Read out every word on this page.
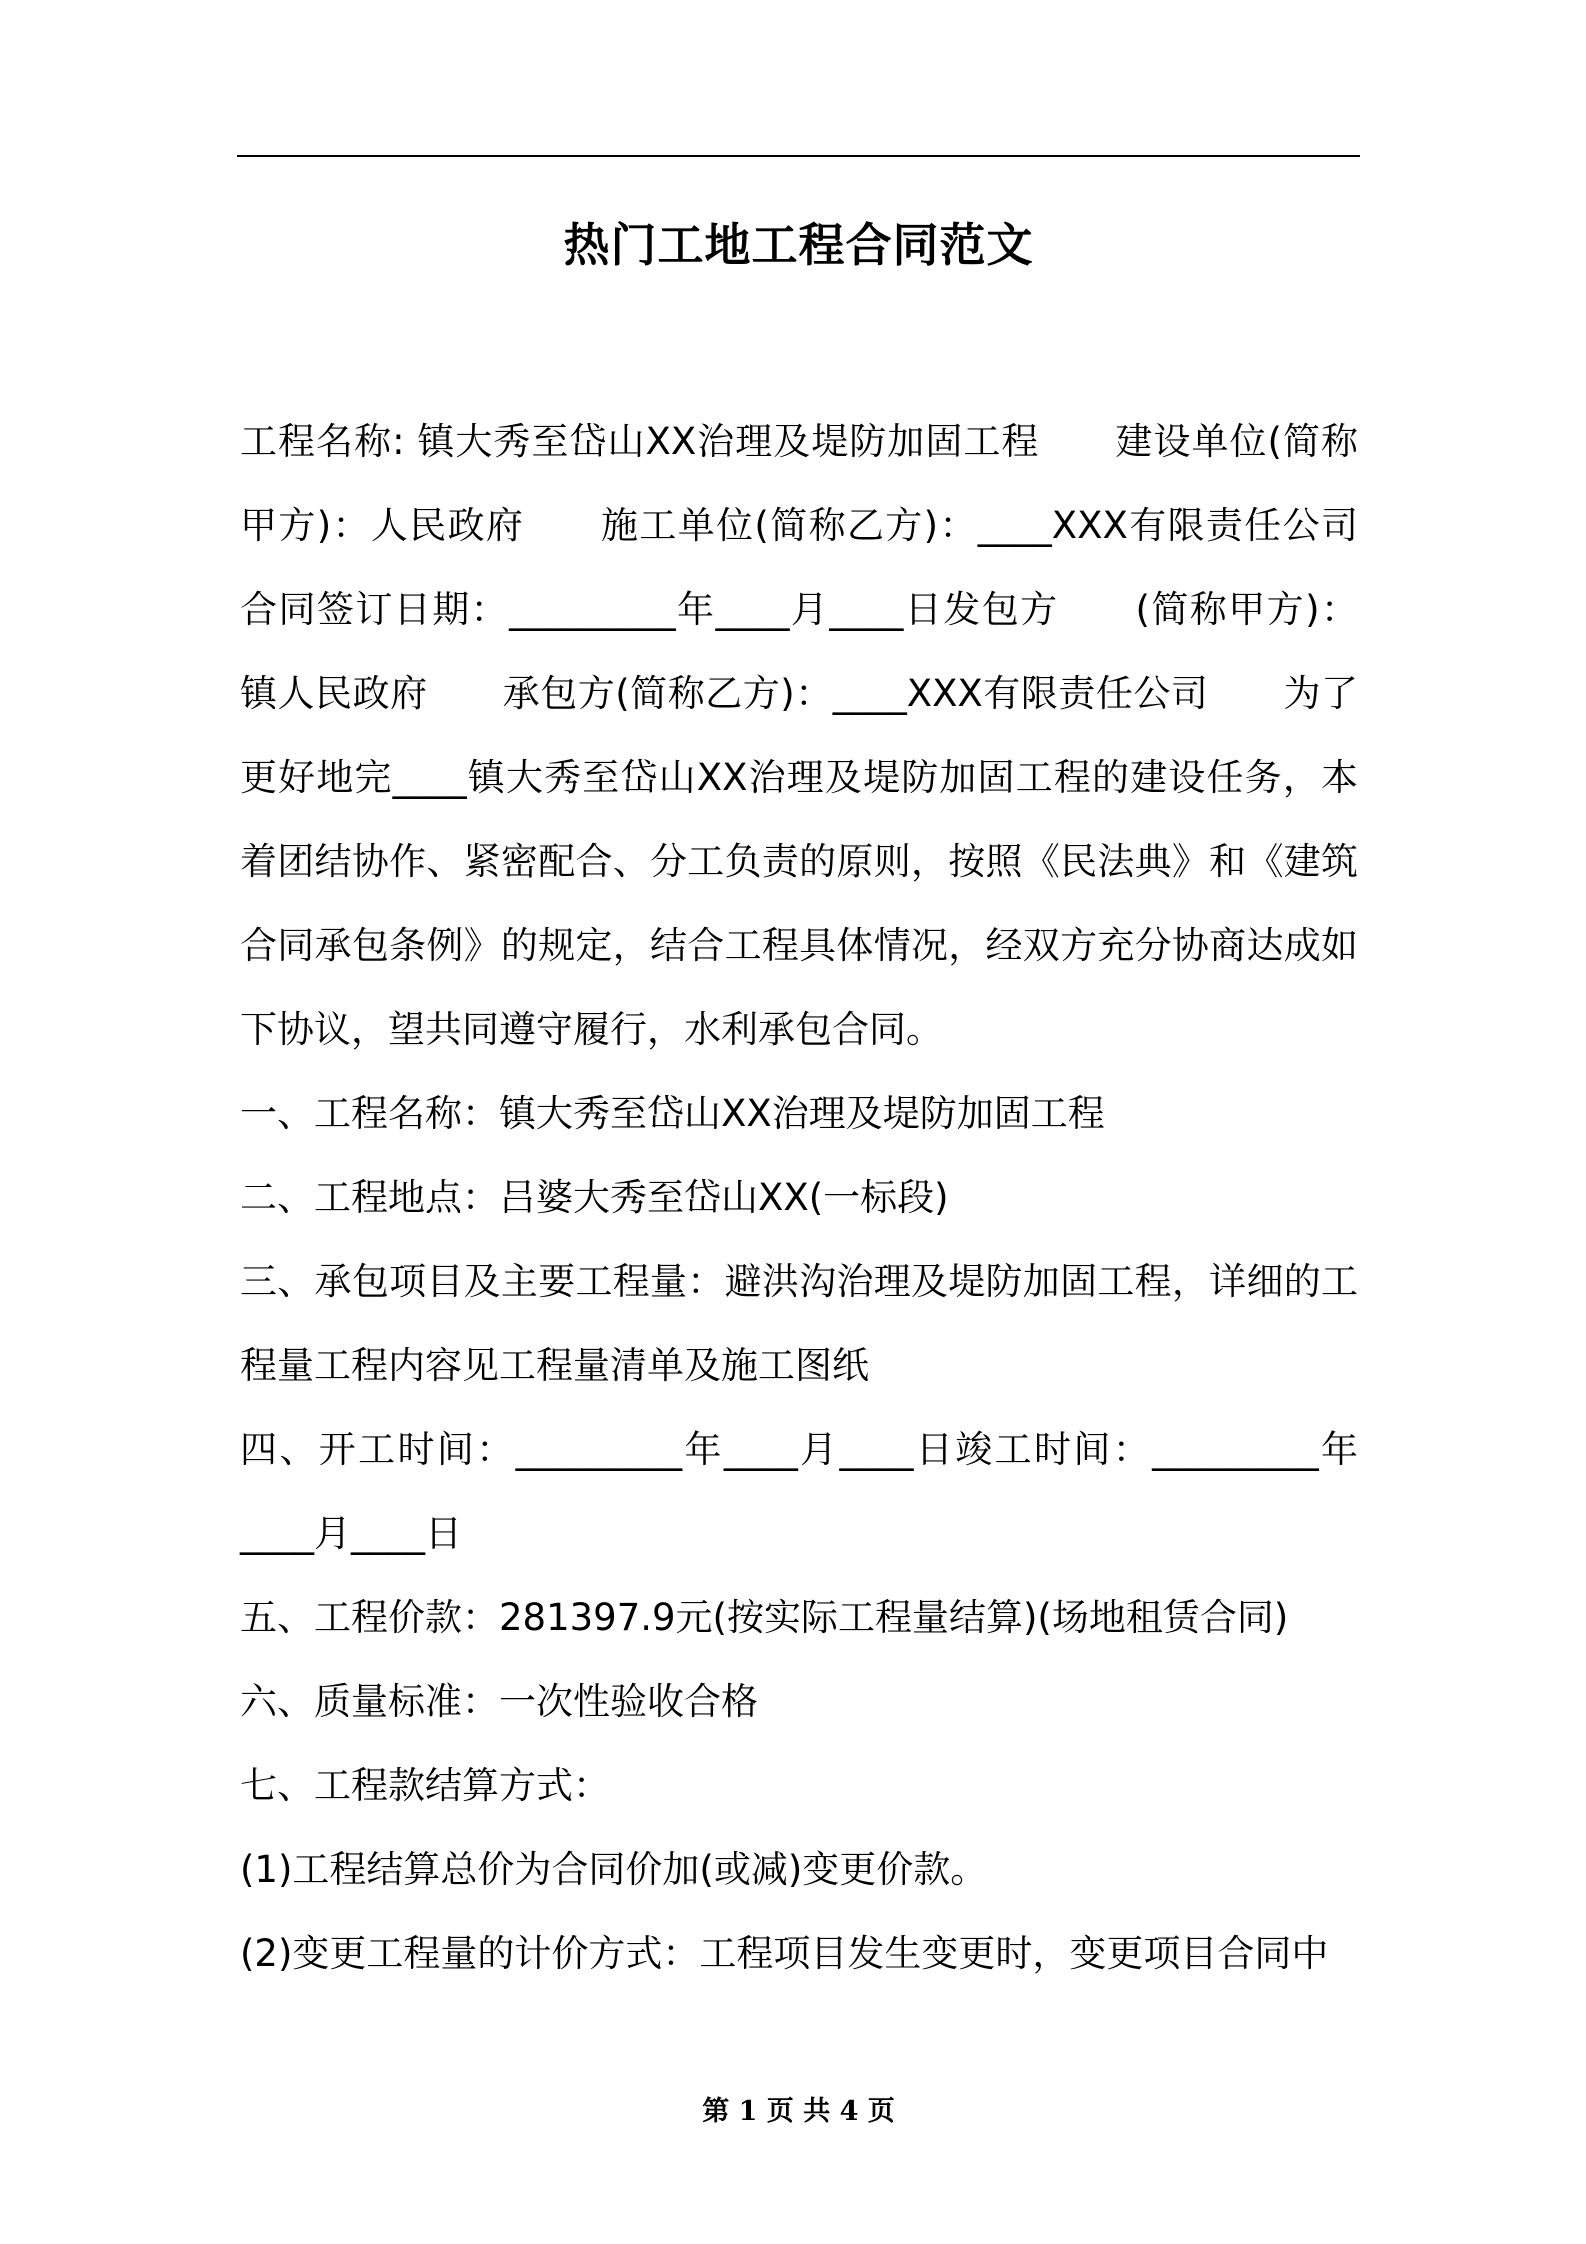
热门工地工程合同范文

工程名称: 镇大秀至岱山XX治理及堤防加固工程　　建设单位(简称甲方)：人民政府　　施工单位(简称乙方)：____XXX有限责任公司合同签订日期：_________年____月____日发包方　　(简称甲方)：镇人民政府　　承包方(简称乙方)：____XXX有限责任公司　　为了更好地完____镇大秀至岱山XX治理及堤防加固工程的建设任务，本着团结协作、紧密配合、分工负责的原则，按照《民法典》和《建筑合同承包条例》的规定，结合工程具体情况，经双方充分协商达成如下协议，望共同遵守履行，水利承包合同。

一、工程名称：镇大秀至岱山XX治理及堤防加固工程

二、工程地点：吕婆大秀至岱山XX(一标段)

三、承包项目及主要工程量：避洪沟治理及堤防加固工程，详细的工程量工程内容见工程量清单及施工图纸

四、开工时间：_________年____月____日竣工时间：_________年____月____日

五、工程价款：281397.9元(按实际工程量结算)(场地租赁合同)

六、质量标准：一次性验收合格

七、工程款结算方式：

(1)工程结算总价为合同价加(或减)变更价款。

(2)变更工程量的计价方式：工程项目发生变更时，变更项目合同中

第 1 页 共 4 页
